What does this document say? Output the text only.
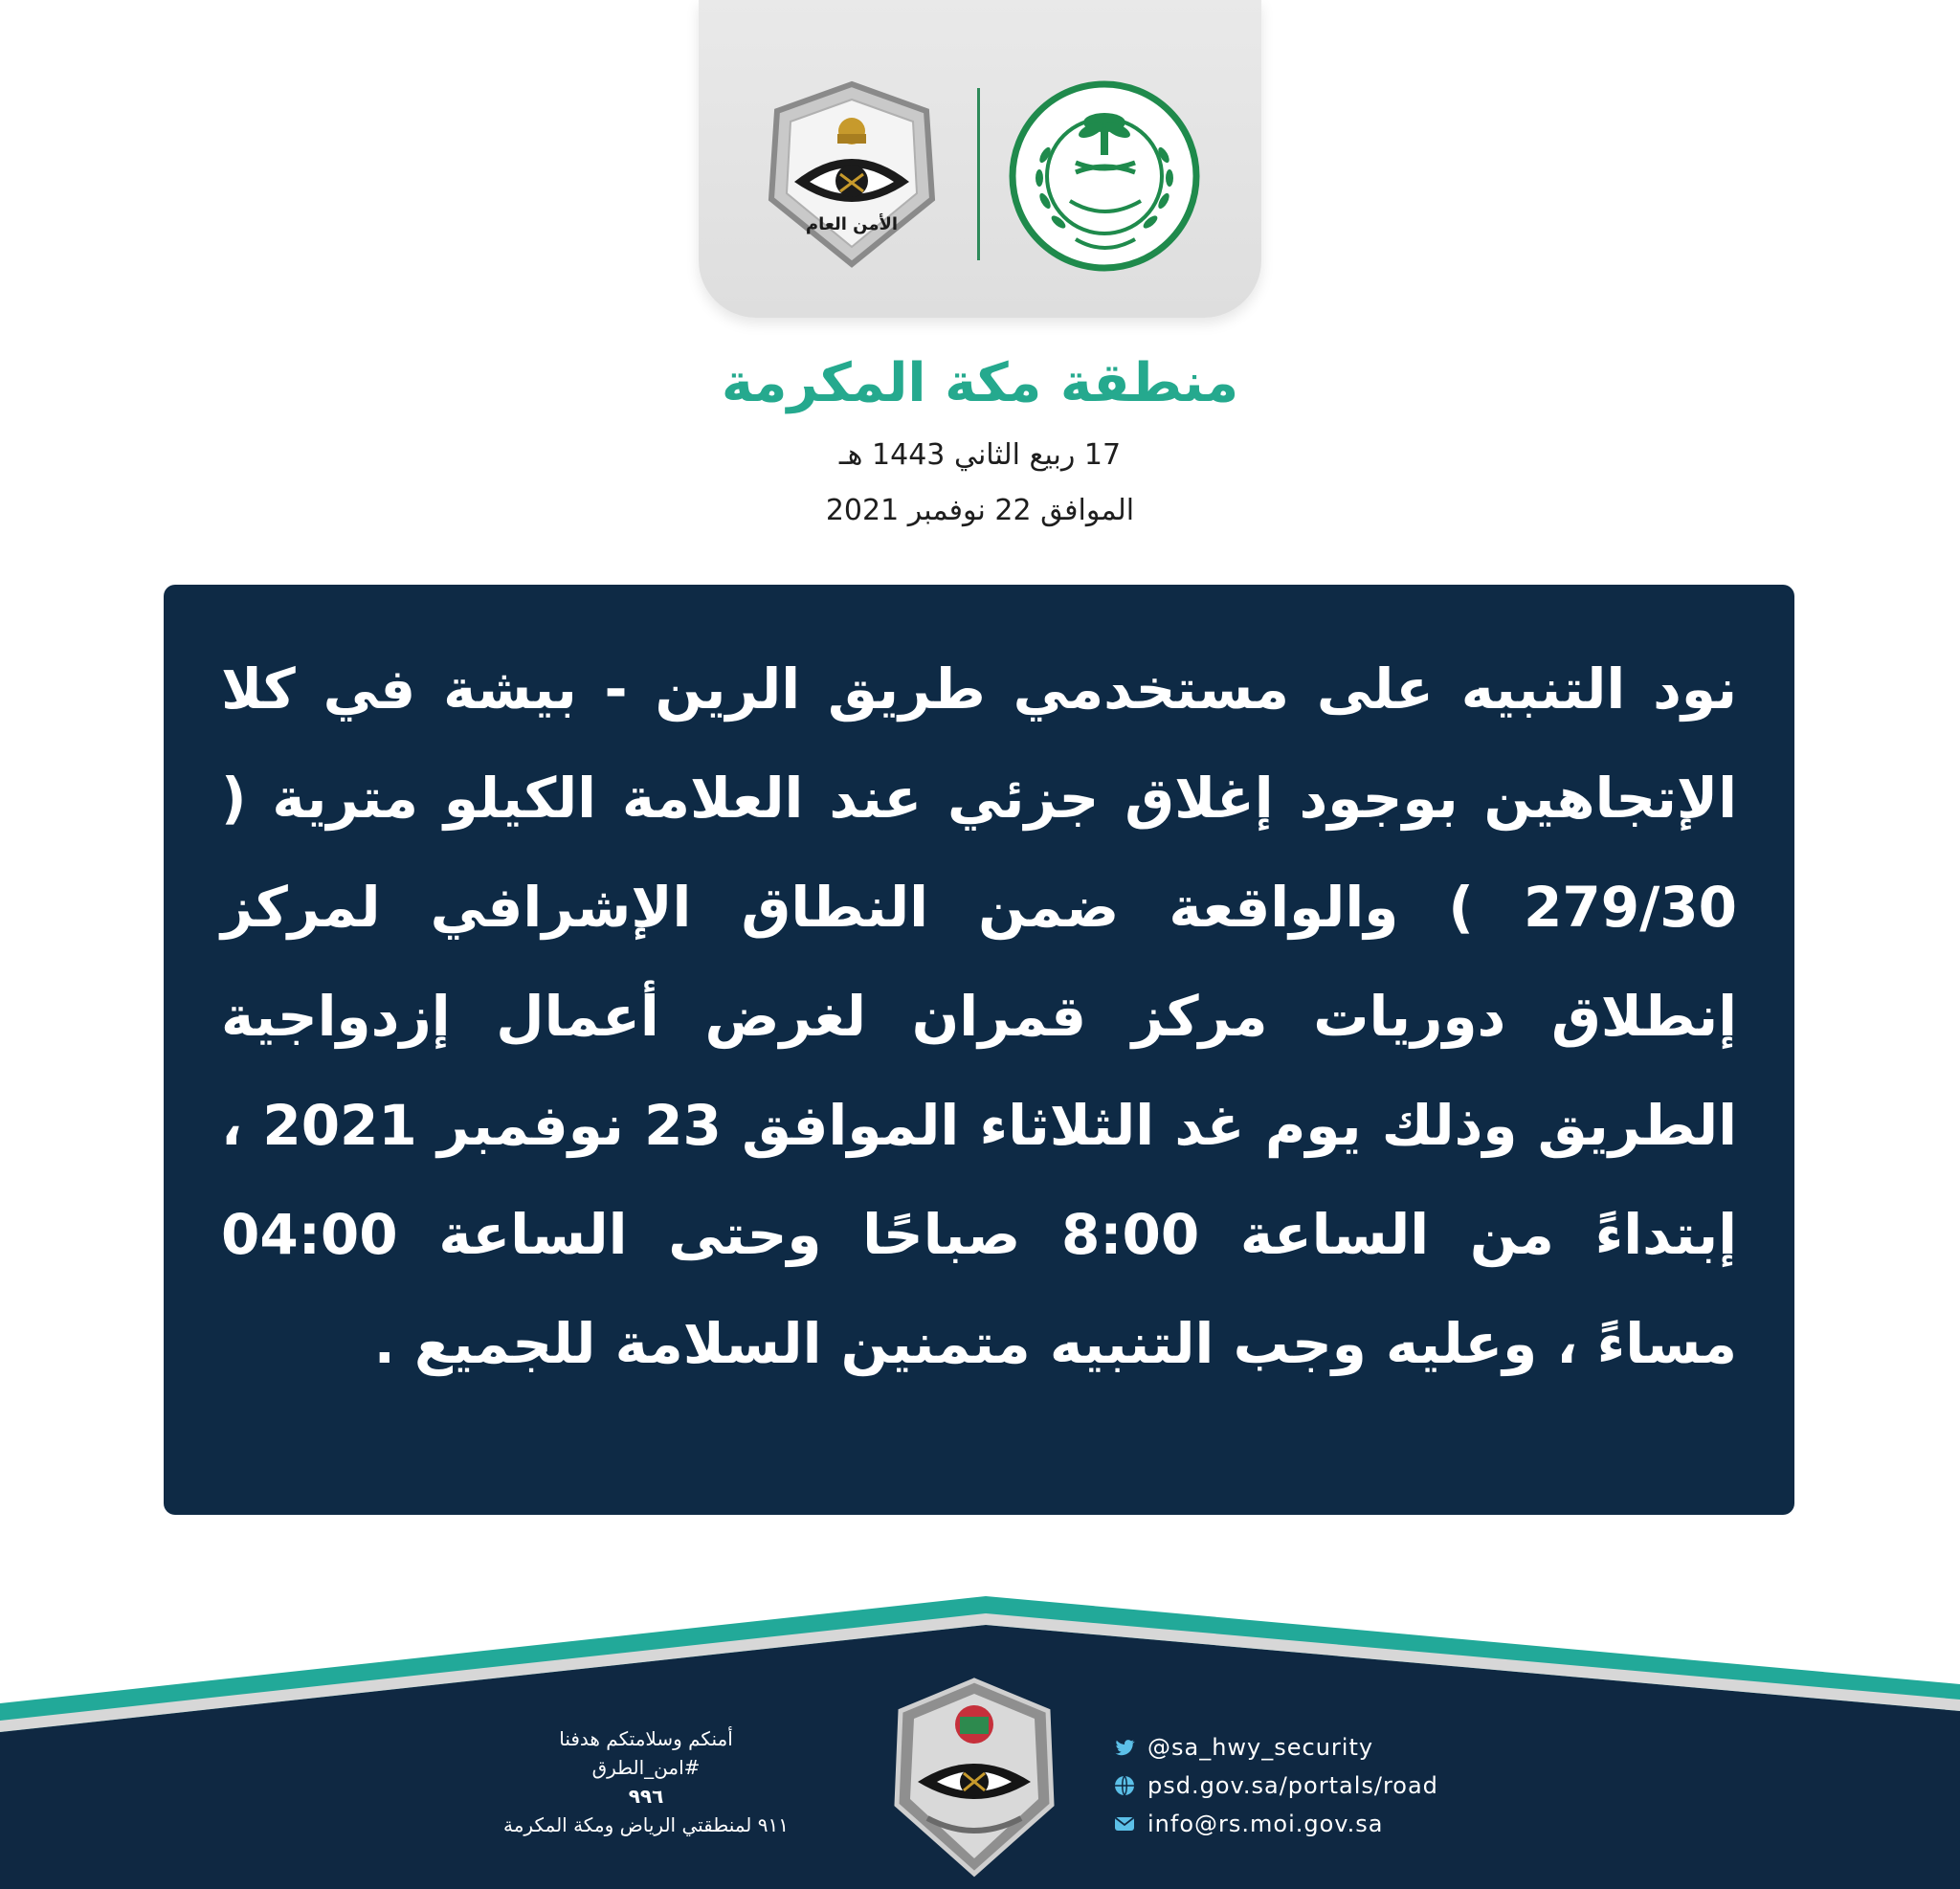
الأمن العام
منطقة مكة المكرمة
17 ربيع الثاني 1443 هـ
الموافق 22 نوفمبر 2021
نود التنبيه على مستخدمي طريق الرين - بيشة في كلا الإتجاهين بوجود إغلاق جزئي عند العلامة الكيلو مترية ( 279/30 ) والواقعة ضمن النطاق الإشرافي لمركز إنطلاق دوريات مركز قمران لغرض أعمال إزدواجية الطريق وذلك يوم غد الثلاثاء الموافق 23 نوفمبر 2021 ، إبتداءً من الساعة 8:00 صباحًا وحتى الساعة 04:00 مساءً ، وعليه وجب التنبيه متمنين السلامة للجميع .
أمنكم وسلامتكم هدفنا
#امن_الطرق
٩٩٦
٩١١ لمنطقتي الرياض ومكة المكرمة
@sa_hwy_security
psd.gov.sa/portals/road
info@rs.moi.gov.sa
